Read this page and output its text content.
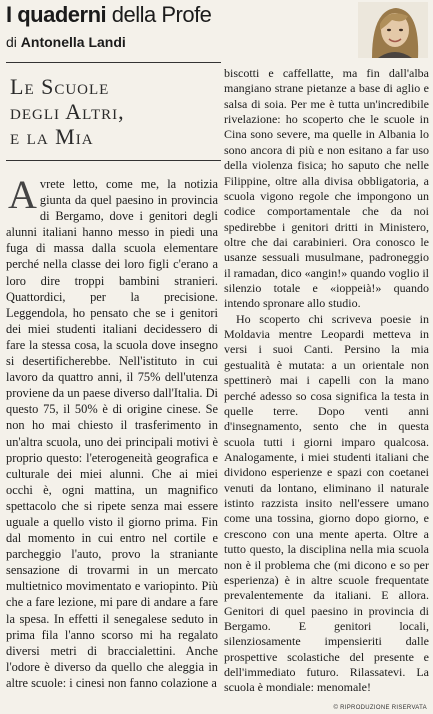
I quaderni della Profe
di Antonella Landi
Le Scuole
degli Altri,
e la Mia

Avrete letto, come me, la notizia giunta da quel paesino in provincia di Bergamo, dove i genitori degli alunni italiani hanno messo in piedi una fuga di massa dalla scuola elementare perché nella classe dei loro figli c'erano a loro dire troppi bambini stranieri. Quattordici, per la precisione. Leggendola, ho pensato che se i genitori dei miei studenti italiani decidessero di fare la stessa cosa, la scuola dove insegno si desertificherebbe. Nell'istituto in cui lavoro da quattro anni, il 75% dell'utenza proviene da un paese diverso dall'Italia. Di questo 75, il 50% è di origine cinese. Se non ho mai chiesto il trasferimento in un'altra scuola, uno dei principali motivi è proprio questo: l'eterogeneità geografica e culturale dei miei alunni. Che ai miei occhi è, ogni mattina, un magnifico spettacolo che si ripete senza mai essere uguale a quello visto il giorno prima. Fin dal momento in cui entro nel cortile e parcheggio l'auto, provo la straniante sensazione di trovarmi in un mercato multietnico movimentato e variopinto. Più che a fare lezione, mi pare di andare a fare la spesa. In effetti il senegalese seduto in prima fila l'anno scorso mi ha regalato diversi metri di braccialettini. Anche l'odore è diverso da quello che aleggia in altre scuole: i cinesi non fanno colazione a

biscotti e caffellatte, ma fin dall'alba mangiano strane pietanze a base di aglio e salsa di soia. Per me è tutta un'incredibile rivelazione: ho scoperto che le scuole in Cina sono severe, ma quelle in Albania lo sono ancora di più e non esitano a far uso della violenza fisica; ho saputo che nelle Filippine, oltre alla divisa obbligatoria, a scuola vigono regole che impongono un codice comportamentale che da noi spedirebbe i genitori dritti in Ministero, oltre che dai carabinieri. Ora conosco le usanze sessuali musulmane, padroneggio il ramadan, dico «angin!» quando voglio il silenzio totale e «ioppeià!» quando intendo spronare allo studio.

Ho scoperto chi scriveva poesie in Moldavia mentre Leopardi metteva in versi i suoi Canti. Persino la mia gestualità è mutata: a un orientale non spettinerò mai i capelli con la mano perché adesso so cosa significa la testa in quelle terre. Dopo venti anni d'insegnamento, sento che in questa scuola tutti i giorni imparo qualcosa. Analogamente, i miei studenti italiani che dividono esperienze e spazi con coetanei venuti da lontano, eliminano il naturale istinto razzista insito nell'essere umano come una tossina, giorno dopo giorno, e crescono con una mente aperta. Oltre a tutto questo, la disciplina nella mia scuola non è il problema che (mi dicono e so per esperienza) è in altre scuole frequentate prevalentemente da italiani. E allora. Genitori di quel paesino in provincia di Bergamo. E genitori locali, silenziosamente impensieriti dalle prospettive scolastiche del presente e dell'immediato futuro. Rilassatevi. La scuola è mondiale: menomale!

© RIPRODUZIONE RISERVATA
